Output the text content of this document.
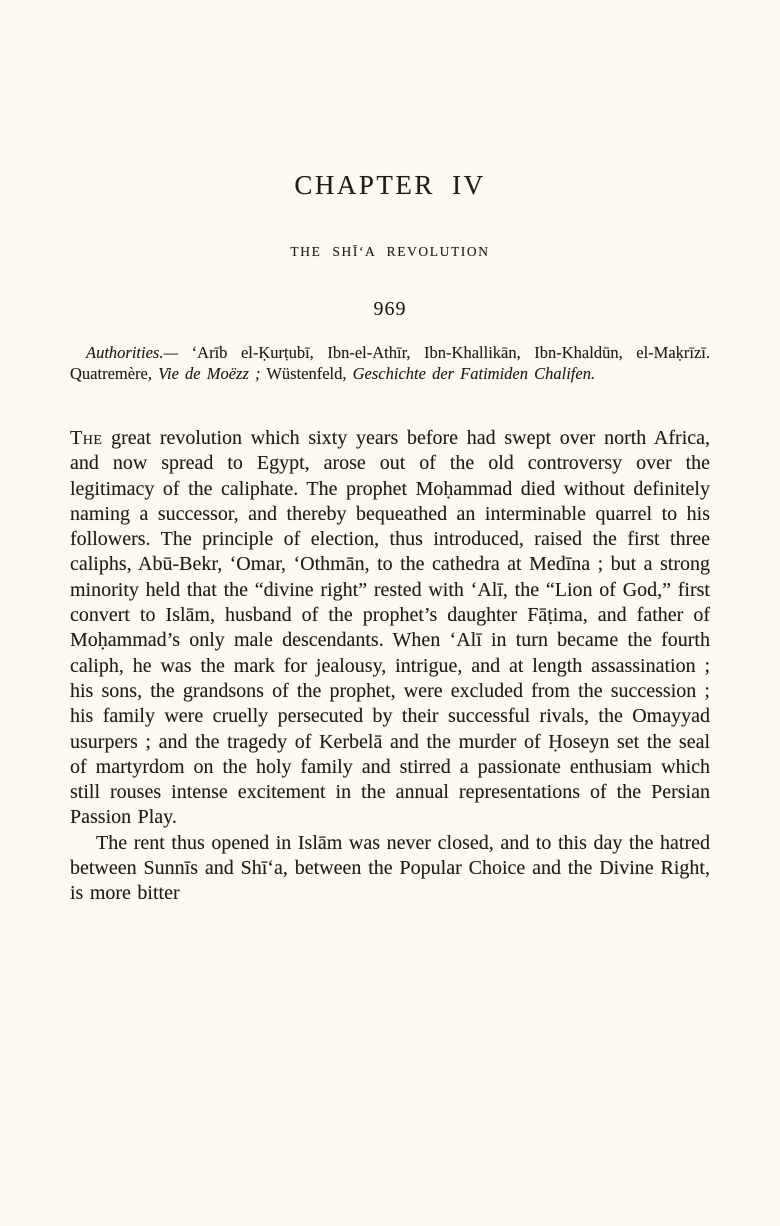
CHAPTER IV
THE SHĪ‘A REVOLUTION
969

Authorities.— ‘Arīb el-Ḳurṭubī, Ibn-el-Athīr, Ibn-Khallikān, Ibn-Khaldūn, el-Maḳrīzī. Quatremère, Vie de Moëzz ; Wüstenfeld, Geschichte der Fatimiden Chalifen.

The great revolution which sixty years before had swept over north Africa, and now spread to Egypt, arose out of the old controversy over the legitimacy of the caliphate. The prophet Moḥammad died without definitely naming a successor, and thereby bequeathed an interminable quarrel to his followers. The principle of election, thus introduced, raised the first three caliphs, Abū-Bekr, ‘Omar, ‘Othmān, to the cathedra at Medīna ; but a strong minority held that the “divine right” rested with ‘Alī, the “Lion of God,” first convert to Islām, husband of the prophet’s daughter Fāṭima, and father of Moḥammad’s only male descendants. When ‘Alī in turn became the fourth caliph, he was the mark for jealousy, intrigue, and at length assassination ; his sons, the grandsons of the prophet, were excluded from the succession ; his family were cruelly persecuted by their successful rivals, the Omayyad usurpers ; and the tragedy of Kerbelā and the murder of Ḥoseyn set the seal of martyrdom on the holy family and stirred a passionate enthusiam which still rouses intense excitement in the annual representations of the Persian Passion Play.

The rent thus opened in Islām was never closed, and to this day the hatred between Sunnīs and Shī‘a, between the Popular Choice and the Divine Right, is more bitter
